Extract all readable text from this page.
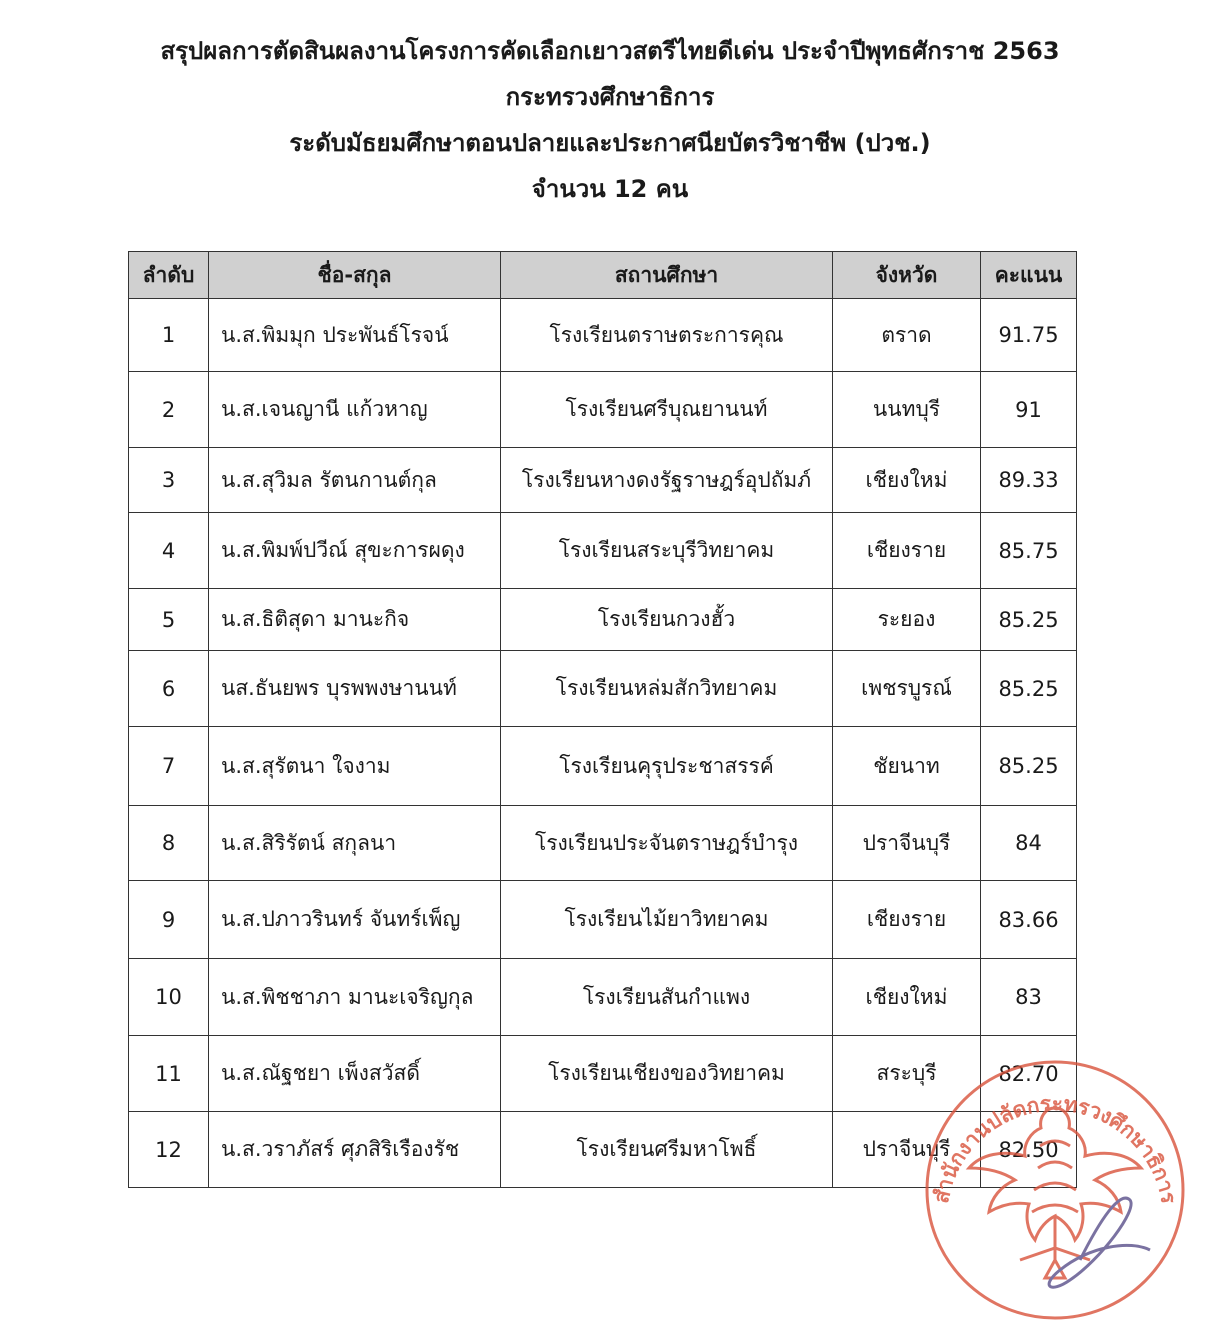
สรุปผลการตัดสินผลงานโครงการคัดเลือกเยาวสตรีไทยดีเด่น ประจำปีพุทธศักราช 2563
กระทรวงศึกษาธิการ
ระดับมัธยมศึกษาตอนปลายและประกาศนียบัตรวิชาชีพ (ปวช.)
จำนวน 12 คน
ลำดับ	ชื่อ-สกุล	สถานศึกษา	จังหวัด	คะแนน
1	น.ส.พิมมุก ประพันธ์โรจน์	โรงเรียนตราษตระการคุณ	ตราด	91.75
2	น.ส.เจนญานี แก้วหาญ	โรงเรียนศรีบุณยานนท์	นนทบุรี	91
3	น.ส.สุวิมล รัตนกานต์กุล	โรงเรียนหางดงรัฐราษฎร์อุปถัมภ์	เชียงใหม่	89.33
4	น.ส.พิมพ์ปวีณ์ สุขะการผดุง	โรงเรียนสระบุรีวิทยาคม	เชียงราย	85.75
5	น.ส.ธิติสุดา มานะกิจ	โรงเรียนกวงฮั้ว	ระยอง	85.25
6	นส.ธันยพร บุรพพงษานนท์	โรงเรียนหล่มสักวิทยาคม	เพชรบูรณ์	85.25
7	น.ส.สุรัตนา ใจงาม	โรงเรียนคุรุประชาสรรค์	ชัยนาท	85.25
8	น.ส.สิริรัตน์ สกุลนา	โรงเรียนประจันตราษฎร์บำรุง	ปราจีนบุรี	84
9	น.ส.ปภาวรินทร์ จันทร์เพ็ญ	โรงเรียนไม้ยาวิทยาคม	เชียงราย	83.66
10	น.ส.พิชชาภา มานะเจริญกุล	โรงเรียนสันกำแพง	เชียงใหม่	83
11	น.ส.ณัฐชยา เพ็งสวัสดิ์	โรงเรียนเชียงของวิทยาคม	สระบุรี	82.70
12	น.ส.วราภัสร์ ศุภสิริเรืองรัช	โรงเรียนศรีมหาโพธิ์	ปราจีนบุรี	82.50
สำนักงานปลัดกระทรวงศึกษาธิการ
